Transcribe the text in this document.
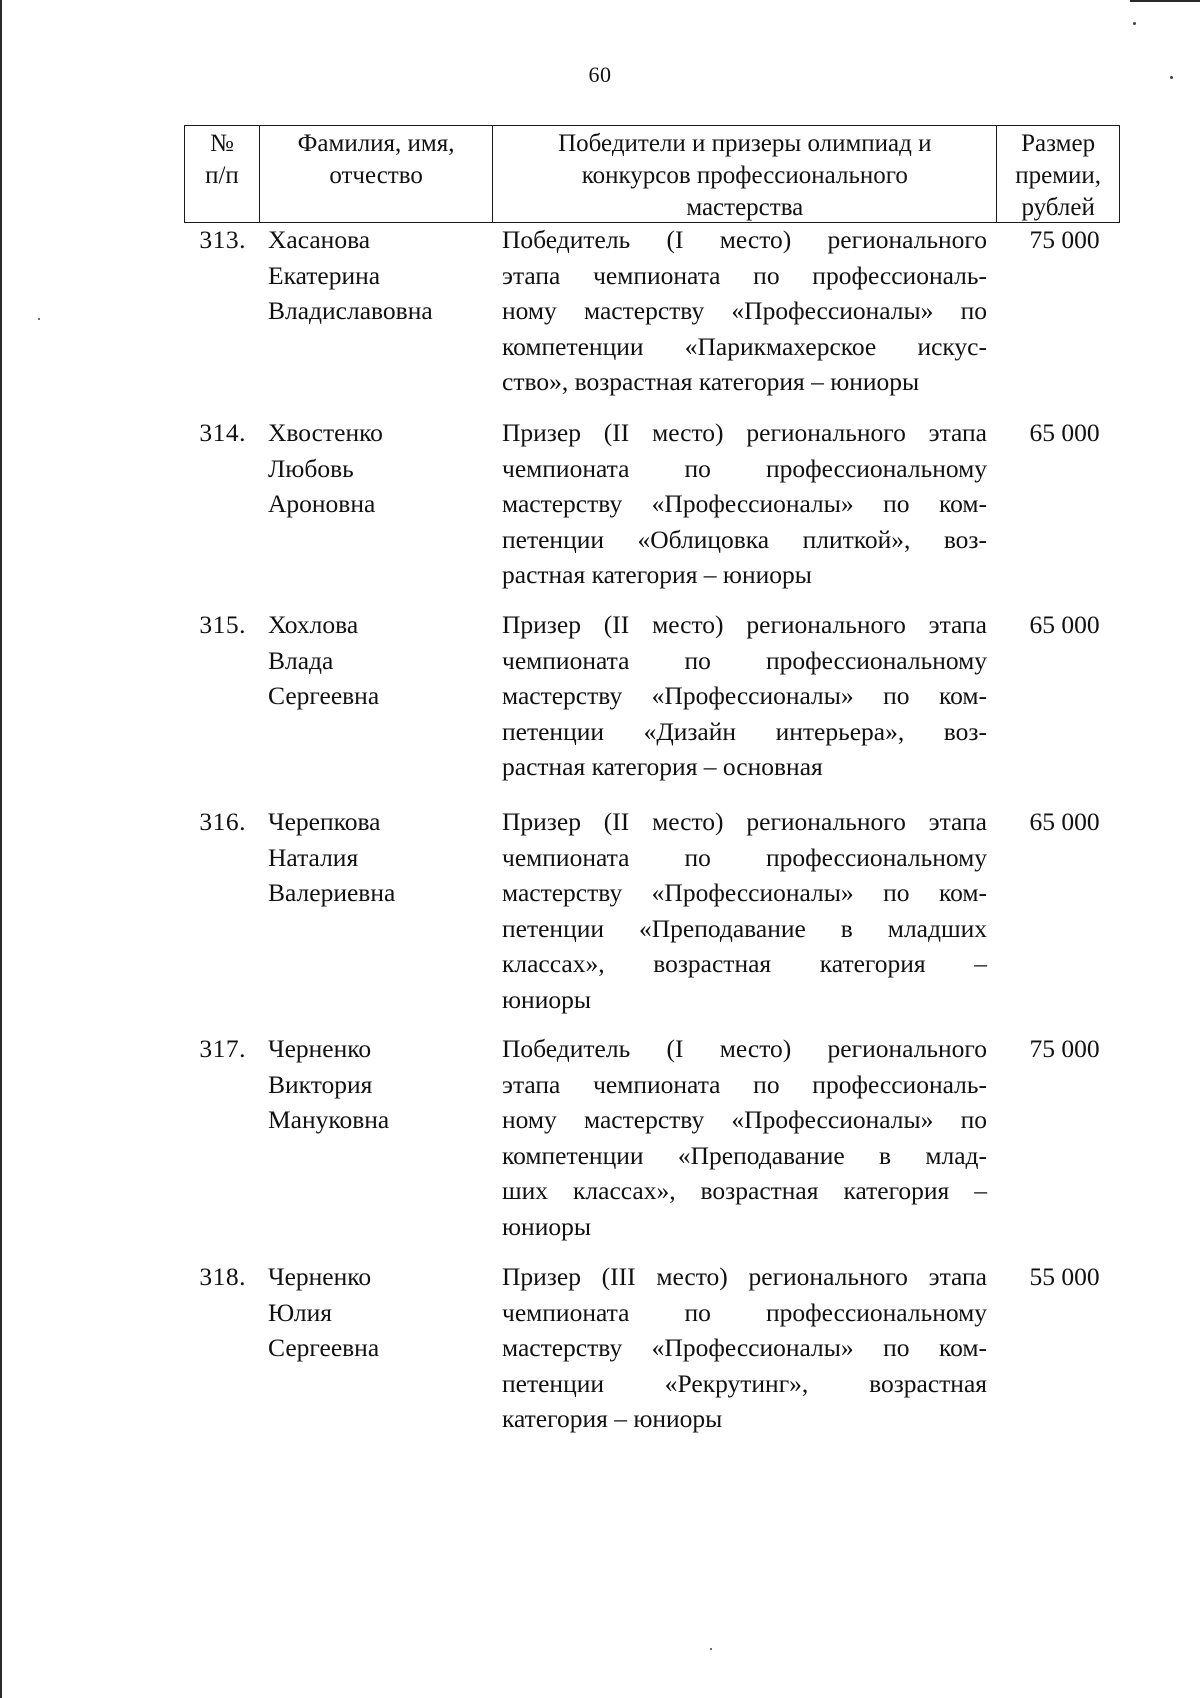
60
№
п/п
Фамилия, имя,
отчество
Победители и призеры олимпиад и
конкурсов профессионального
мастерства
Размер
премии,
рублей
313. Хасанова
Екатерина
Владиславовна
Победитель (I место) регионального
этапа чемпионата по профессиональ-
ному мастерству «Профессионалы» по
компетенции «Парикмахерское искус-
ство», возрастная категория – юниоры
75 000
314. Хвостенко
Любовь
Ароновна
Призер (II место) регионального этапа
чемпионата по профессиональному
мастерству «Профессионалы» по ком-
петенции «Облицовка плиткой», воз-
растная категория – юниоры
65 000
315. Хохлова
Влада
Сергеевна
Призер (II место) регионального этапа
чемпионата по профессиональному
мастерству «Профессионалы» по ком-
петенции «Дизайн интерьера», воз-
растная категория – основная
65 000
316. Черепкова
Наталия
Валериевна
Призер (II место) регионального этапа
чемпионата по профессиональному
мастерству «Профессионалы» по ком-
петенции «Преподавание в младших
классах», возрастная категория –
юниоры
65 000
317. Черненко
Виктория
Мануковна
Победитель (I место) регионального
этапа чемпионата по профессиональ-
ному мастерству «Профессионалы» по
компетенции «Преподавание в млад-
ших классах», возрастная категория –
юниоры
75 000
318. Черненко
Юлия
Сергеевна
Призер (III место) регионального этапа
чемпионата по профессиональному
мастерству «Профессионалы» по ком-
петенции «Рекрутинг», возрастная
категория – юниоры
55 000
